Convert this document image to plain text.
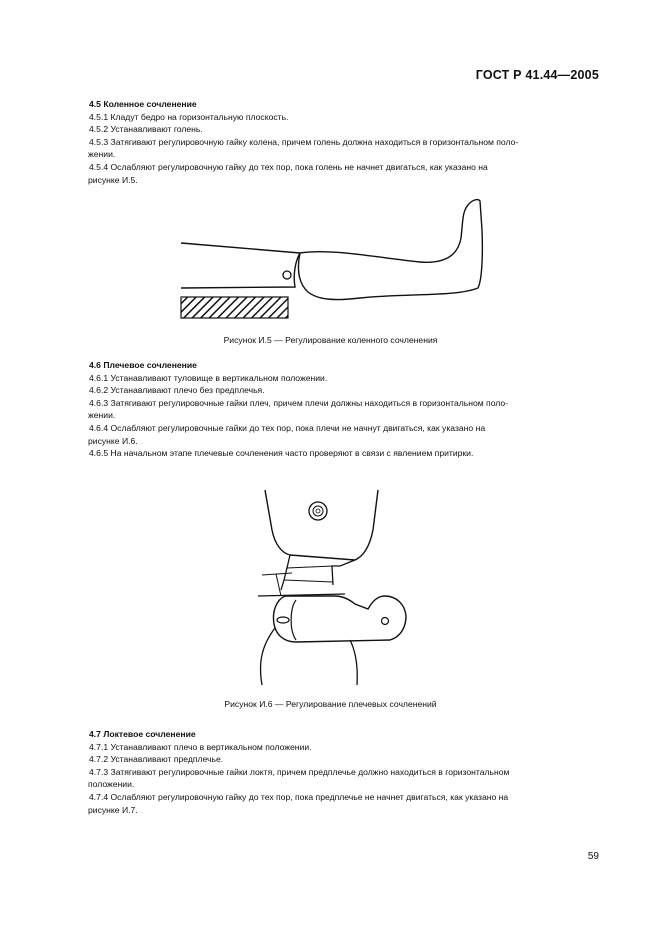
ГОСТ Р 41.44—2005

4.5 Коленное сочленение

4.5.1 Кладут бедро на горизонтальную плоскость.

4.5.2 Устанавливают голень.

4.5.3 Затягивают регулировочную гайку колена, причем голень должна находиться в горизонтальном поло-

жении.

4.5.4 Ослабляют регулировочную гайку до тех пор, пока голень не начнет двигаться, как указано на

рисунке И.5.

Рисунок И.5 — Регулирование коленного сочленения

4.6 Плечевое сочленение

4.6.1 Устанавливают туловище в вертикальном положении.

4.6.2 Устанавливают плечо без предплечья.

4.6.3 Затягивают регулировочные гайки плеч, причем плечи должны находиться в горизонтальном поло-

жении.

4.6.4 Ослабляют регулировочные гайки до тех пор, пока плечи не начнут двигаться, как указано на

рисунке И.6.

4.6.5 На начальном этапе плечевые сочленения часто проверяют в связи с явлением притирки.

Рисунок И.6 — Регулирование плечевых сочленений

4.7 Локтевое сочленение

4.7.1 Устанавливают плечо в вертикальном положении.

4.7.2 Устанавливают предплечье.

4.7.3 Затягивают регулировочные гайки локтя, причем предплечье должно находиться в горизонтальном

положении.

4.7.4 Ослабляют регулировочную гайку до тех пор, пока предплечье не начнет двигаться, как указано на

рисунке И.7.

59
